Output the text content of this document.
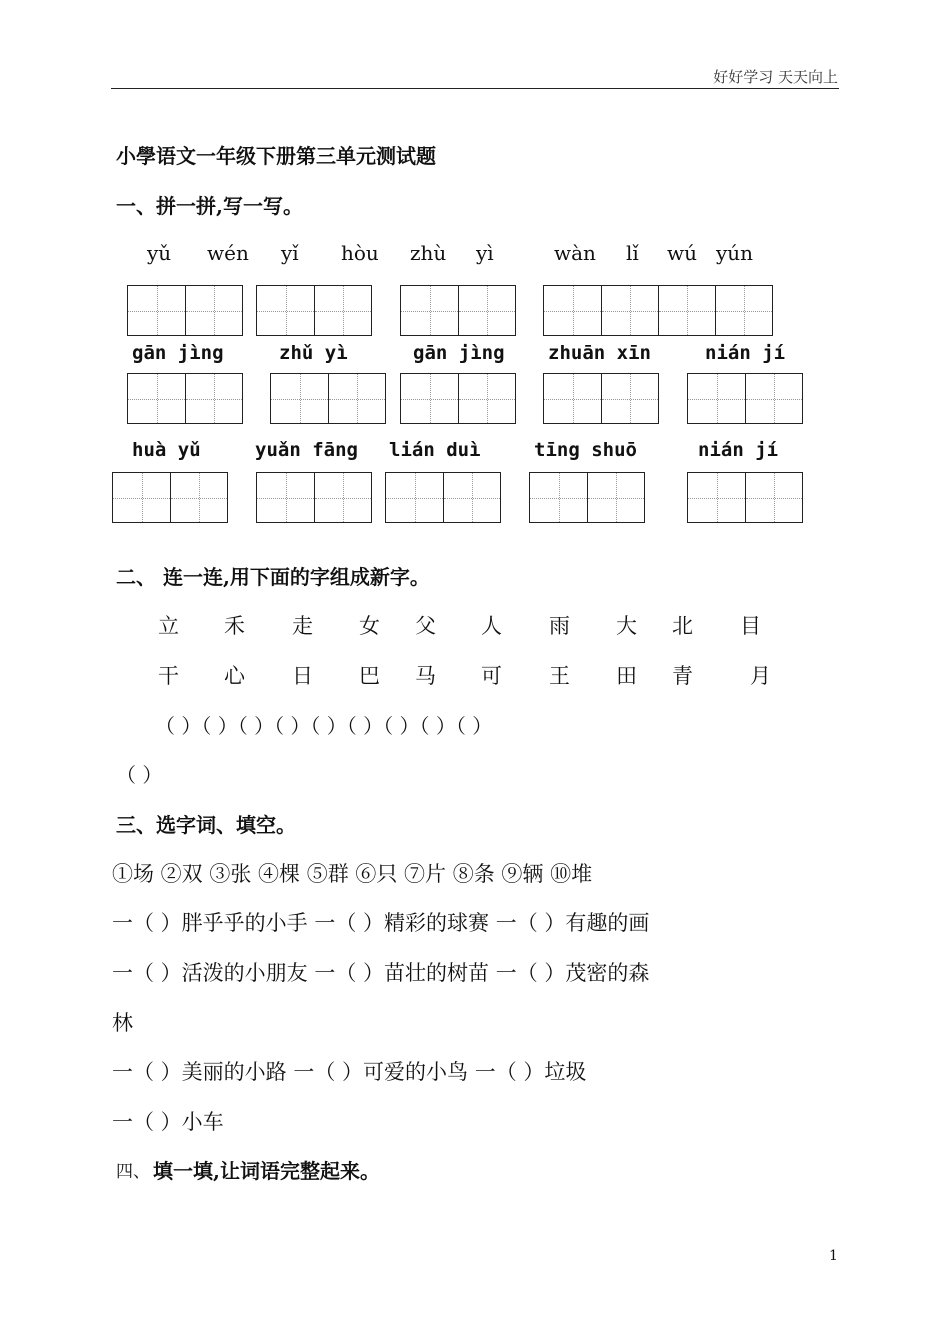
好好学习 天天向上
小學语文一年级下册第三单元测试题
一、拼一拼,写一写。
yǔ wén yǐ hòu zhù yì	wàn lǐ wú yún
gān jìng	zhǔ yì	gān jìng zhuān xīn	nián jí
huà yǔ	yuǎn fāng lián duì	tīng shuō	nián jí
二、 连一连,用下面的字组成新字。
立 禾 走 女 父 人 雨 大 北 目
干 心 日 巴 马 可 王 田 青	月
（ ）（ ）（ ）（ ）（ ）（ ）（ ）（ ）（ ）
（ ）
三、选字词、填空。
①场 ②双 ③张 ④棵 ⑤群 ⑥只 ⑦片 ⑧条 ⑨辆 ⑩堆
一（ ）胖乎乎的小手 一（ ）精彩的球赛 一（ ）有趣的画
一（ ）活泼的小朋友 一（ ）苗壮的树苗 一（ ）茂密的森
林
一（ ）美丽的小路 一（ ）可爱的小鸟 一（ ）垃圾
一（ ）小车
四、 填一填,让词语完整起来。
1
